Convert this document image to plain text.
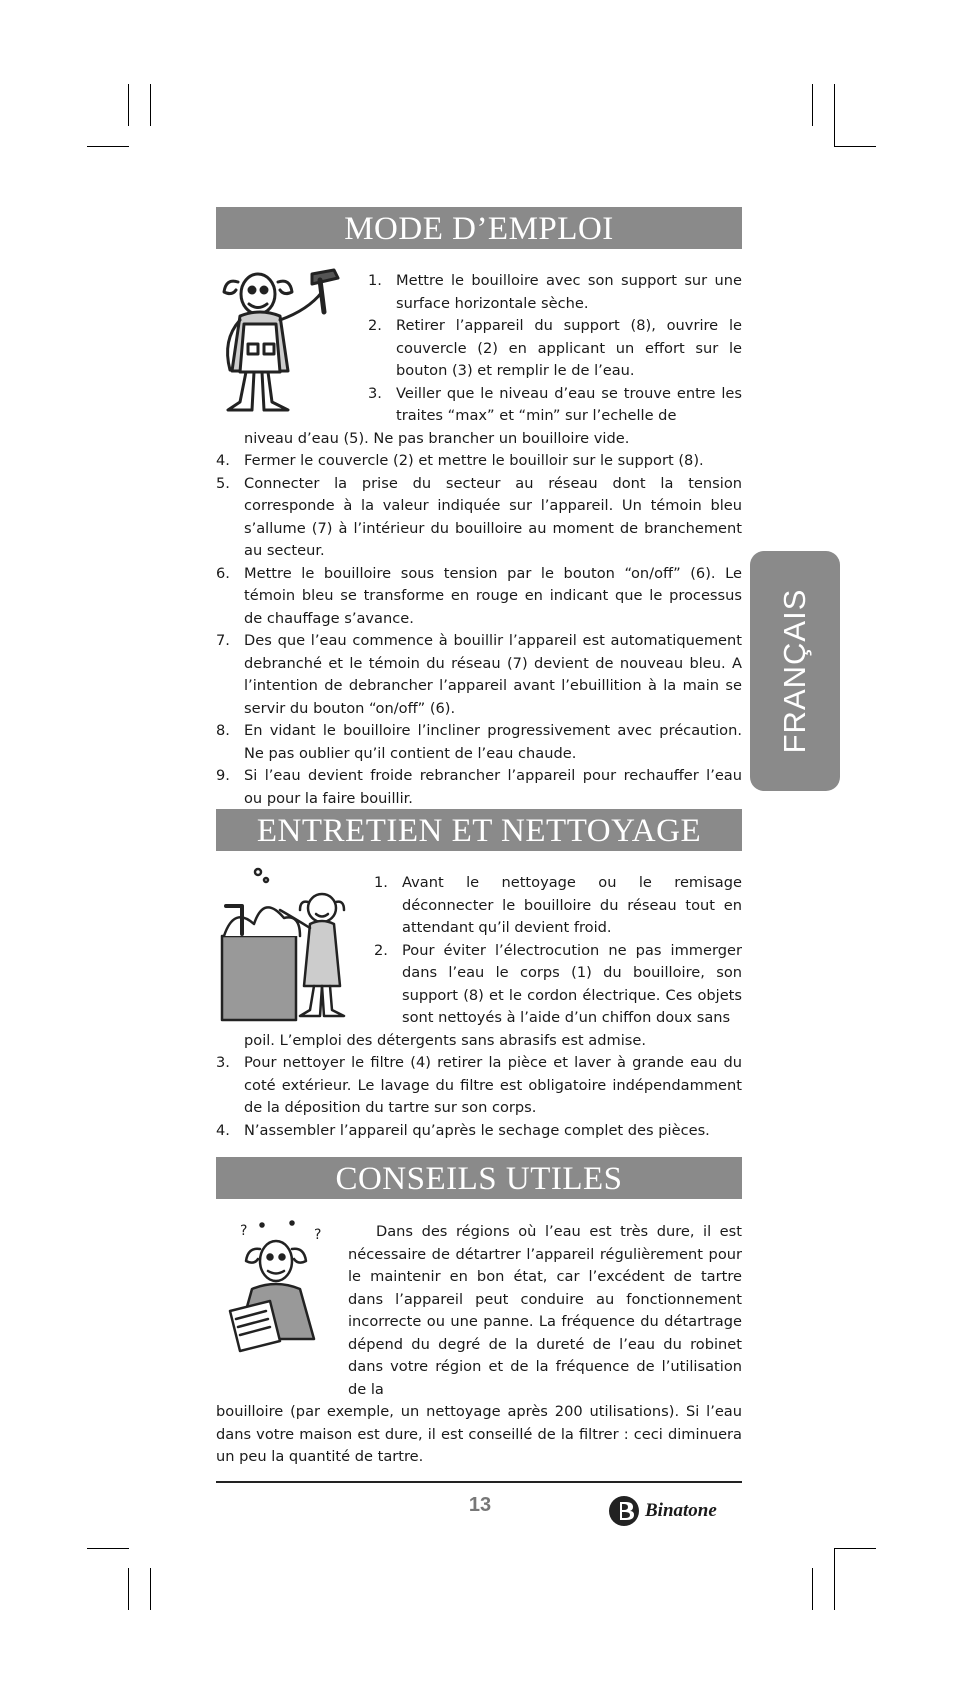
MODE D’EMPLOI
1. Mettre le bouilloire avec son support sur une surface horizontale sèche.
2. Retirer l’appareil du support (8), ouvrire le couvercle (2) en applicant un effort sur le bouton (3) et remplir le de l’eau.
3. Veiller que le niveau d’eau se trouve entre les traites “max” et “min” sur l’echelle de
niveau d’eau (5). Ne pas brancher un bouilloire vide.
4. Fermer le couvercle (2) et mettre le bouilloir sur le support (8).
5. Connecter la prise du secteur au réseau dont la tension corresponde à la valeur indiquée sur l’appareil. Un témoin bleu s’allume (7) à l’intérieur du bouilloire au moment de branchement au secteur.
6. Mettre le bouilloire sous tension par le bouton “on/off” (6). Le témoin bleu se transforme en rouge en indicant que le processus de chauffage s’avance.
7. Des que l’eau commence à bouillir l’appareil est automatiquement debranché et le témoin du réseau (7) devient de nouveau bleu. A l’intention de debrancher l’appareil avant l’ebuillition à la main se servir du bouton “on/off” (6).
8. En vidant le bouilloire l’incliner progressivement avec précaution. Ne pas oublier qu’il contient de l’eau chaude.
9. Si l’eau devient froide rebrancher l’appareil pour rechauffer l’eau ou pour la faire bouillir.
FRANÇAIS
ENTRETIEN ET NETTOYAGE
1. Avant le nettoyage ou le remisage déconnecter le bouilloire du réseau tout en attendant qu’il devient froid.
2. Pour éviter l’électrocution ne pas immerger dans l’eau le corps (1) du bouilloire, son support (8) et le cordon électrique. Ces objets sont nettoyés à l’aide d’un chiffon doux sans
poil. L’emploi des détergents sans abrasifs est admise.
3. Pour nettoyer le filtre (4) retirer la pièce et laver à grande eau du coté extérieur. Le lavage du filtre est obligatoire indépendamment de la déposition du tartre sur son corps.
4. N’assembler l’appareil qu’après le sechage complet des pièces.
CONSEILS UTILES
?	?	Dans des régions où l’eau est très dure, il est nécessaire de détartrer l’appareil régulièrement pour le maintenir en bon état, car l’excédent de tartre dans l’appareil peut conduire au fonctionnement incorrecte ou une panne. La fréquence du détartrage dépend du degré de la dureté de l’eau du robinet dans votre région et de la fréquence de l’utilisation de la
bouilloire (par exemple, un nettoyage après 200 utilisations). Si l’eau dans votre maison est dure, il est conseillé de la filtrer : ceci diminuera un peu la quantité de tartre.
13	Binatone
